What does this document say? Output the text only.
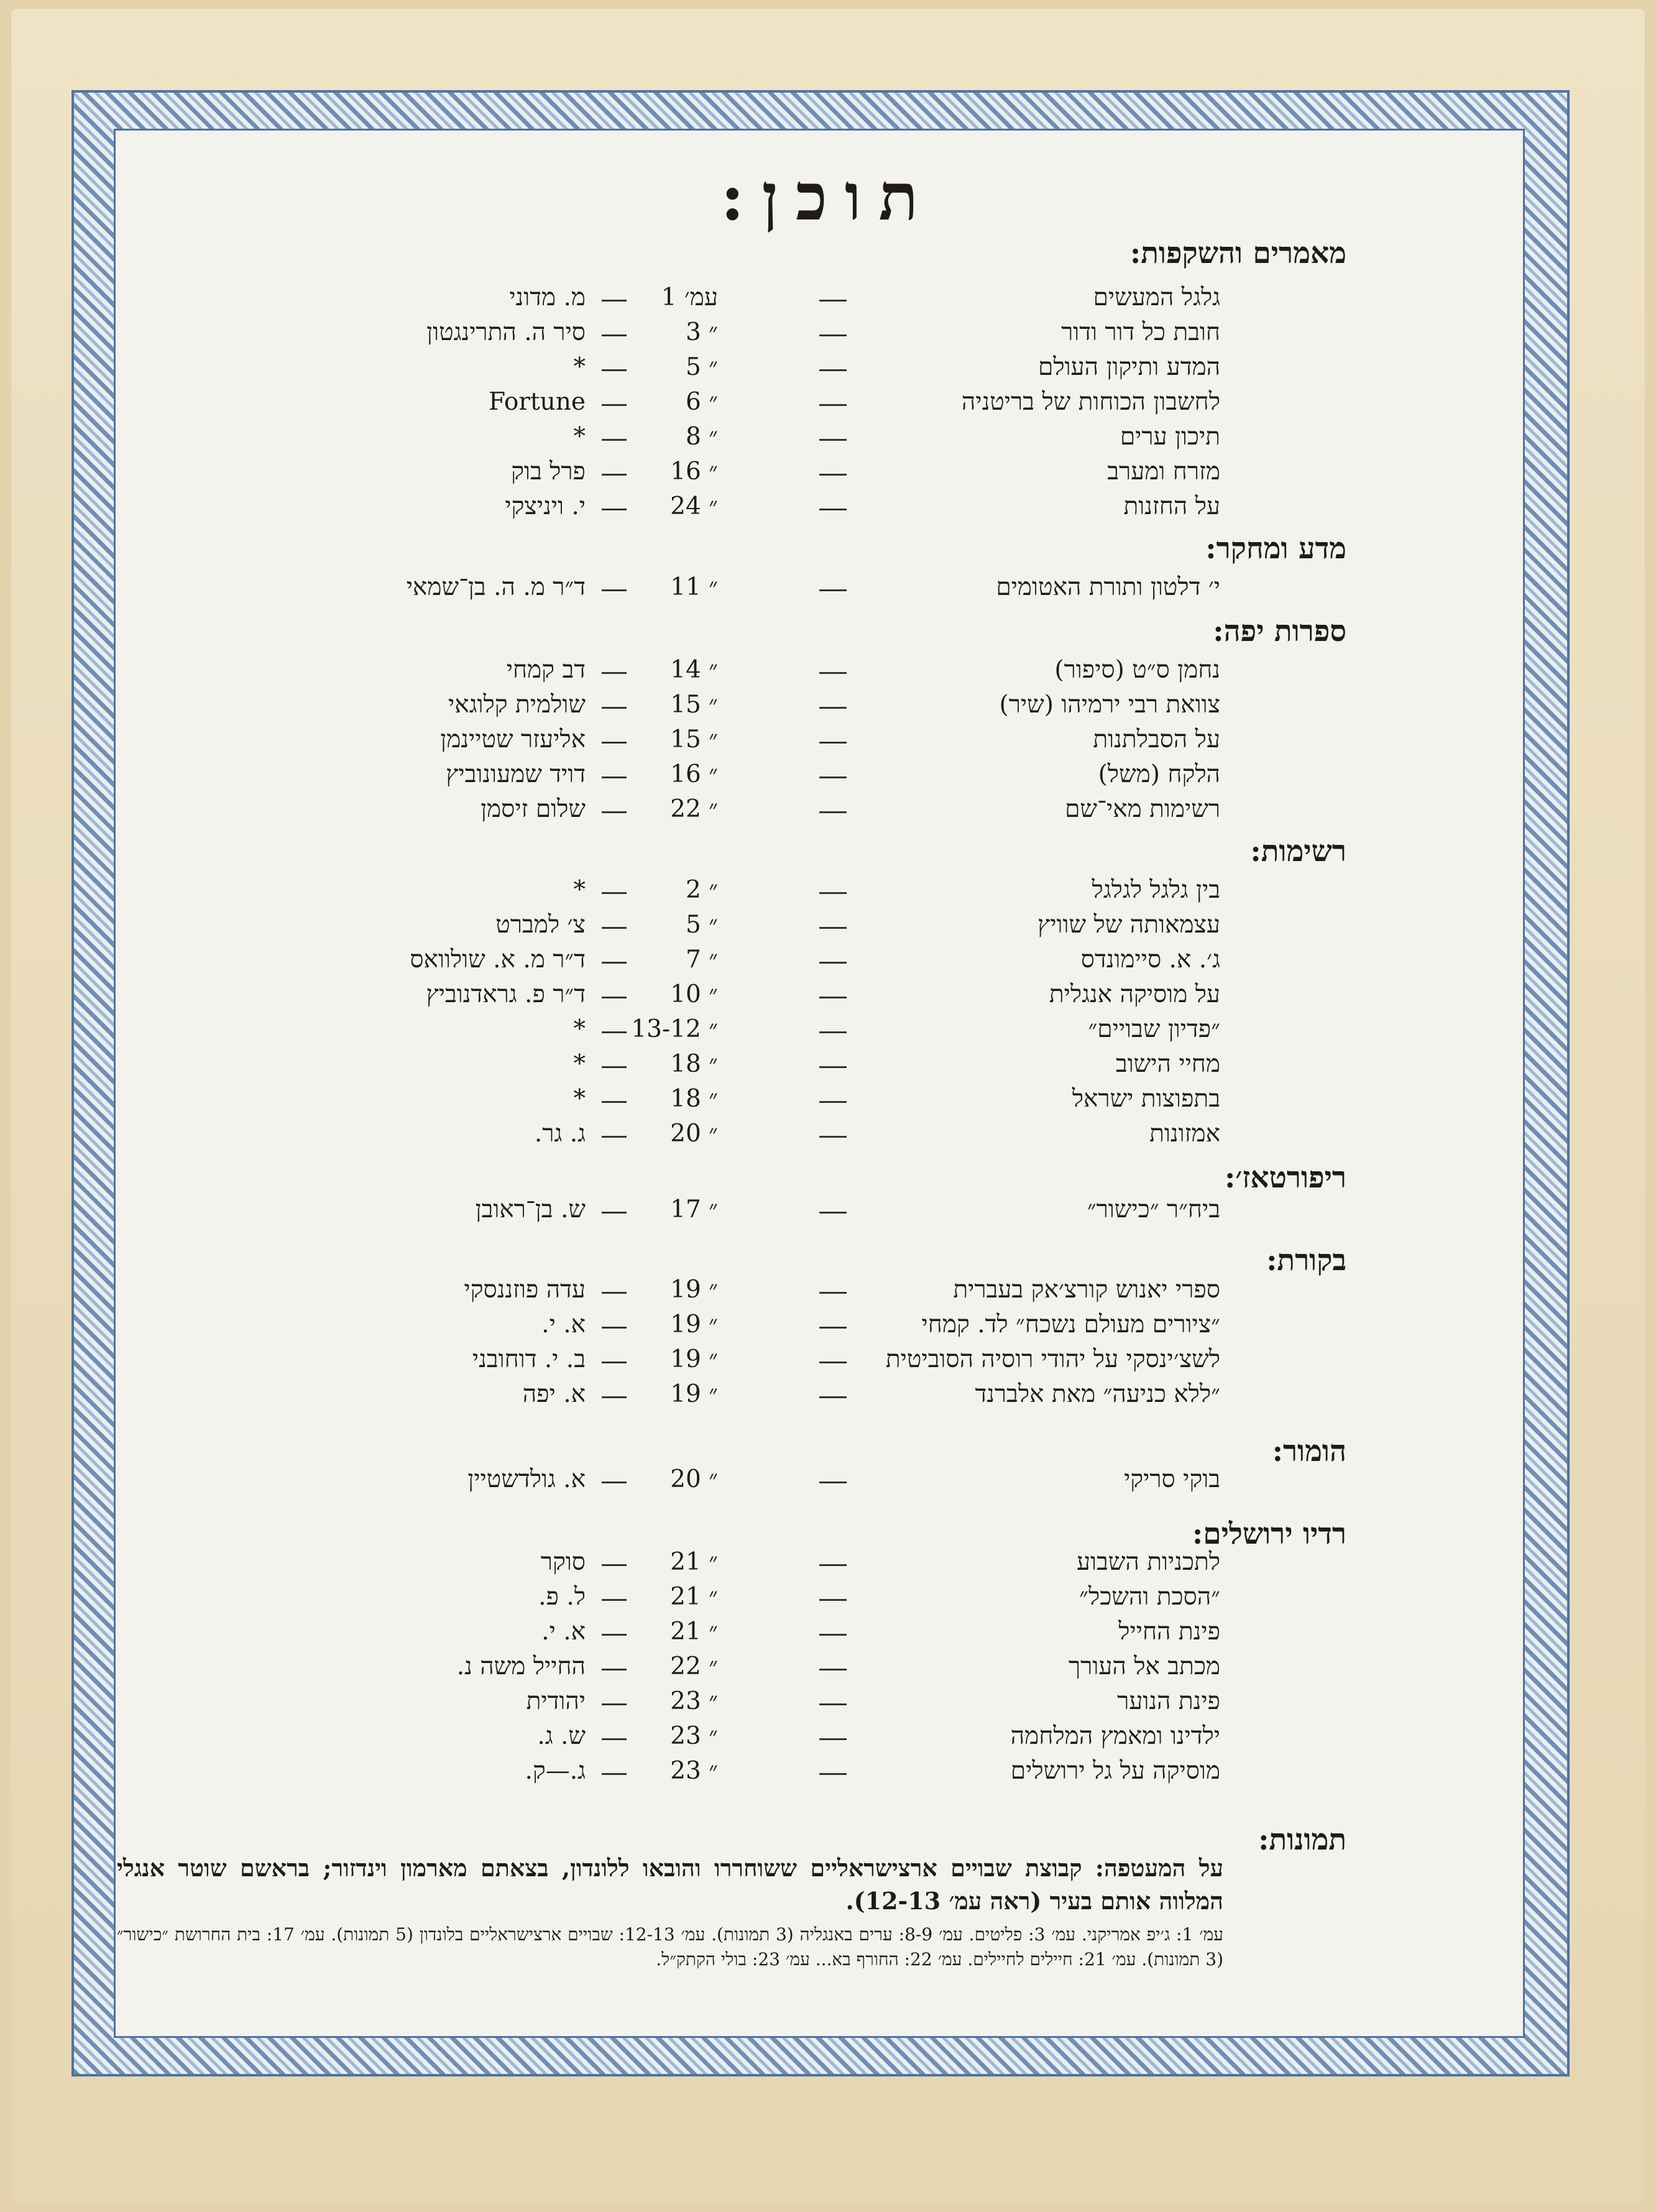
תוכן:
מאמרים והשקפות:
מדע ומחקר:
ספרות יפה:
רשימות:
ריפורטאז׳:
בקורת:
הומור:
רדיו ירושלים:
תמונות:
גלגל המעשים
עמ׳ 1
מ. מדוני
חובת כל דור ודור
״ 3
סיר ה. התרינגטון
המדע ותיקון העולם
״ 5
*
לחשבון הכוחות של בריטניה
״ 6
Fortune
תיכון ערים
״ 8
*
מזרח ומערב
״ 16
פרל בוק
על החזנות
״ 24
י. ויניצקי
י׳ דלטון ותורת האטומים
״ 11
ד״ר מ. ה. בן־שמאי
נחמן ס״ט (סיפור)
״ 14
דב קמחי
צוואת רבי ירמיהו (שיר)
״ 15
שולמית קלוגאי
על הסבלתנות
״ 15
אליעזר שטיינמן
הלקח (משל)
״ 16
דויד שמעונוביץ
רשימות מאי־שם
״ 22
שלום זיסמן
בין גלגל לגלגל
״ 2
*
עצמאותה של שוויץ
״ 5
צ׳ למברט
ג׳. א. סיימונדס
״ 7
ד״ר מ. א. שולוואס
על מוסיקה אנגלית
״ 10
ד״ר פ. גראדנוביץ
״פדיון שבויים״
״ 13-12
*
מחיי הישוב
״ 18
*
בתפוצות ישראל
״ 18
*
אמזונות
״ 20
ג. גר.
ביח״ר ״כישור״
״ 17
ש. בן־ראובן
ספרי יאנוש קורצ׳אק בעברית
״ 19
עדה פוזננסקי
״ציורים מעולם נשכח״ לד. קמחי
״ 19
א. י.
לשצ׳ינסקי על יהודי רוסיה הסוביטית
״ 19
ב. י. דוחובני
״ללא כניעה״ מאת אלברנד
״ 19
א. יפה
בוקי סריקי
״ 20
א. גולדשטיין
לתכניות השבוע
״ 21
סוקר
״הסכת והשכל״
״ 21
ל. פ.
פינת החייל
״ 21
א. י.
מכתב אל העורך
״ 22
החייל משה נ.
פינת הנוער
״ 23
יהודית
ילדינו ומאמץ המלחמה
״ 23
ש. ג.
מוסיקה על גל ירושלים
״ 23
ג.—ק.
על המעטפה: קבוצת שבויים ארצישראליים ששוחררו והובאו ללונדון, בצאתם מארמון וינדזור; בראשם שוטר אנגלי המלווה אותם בעיר (ראה עמ׳ 12-13).
עמ׳ 1: ג׳יפ אמריקני. עמ׳ 3: פליטים. עמ׳ 8-9: ערים באנגליה (3 תמונות). עמ׳ 12-13: שבויים ארצישראליים בלונדון (5 תמונות). עמ׳ 17: בית החרושת ״כישור״ (3 תמונות). עמ׳ 21: חיילים לחיילים. עמ׳ 22: החורף בא... עמ׳ 23: בולי הקתק״ל.
